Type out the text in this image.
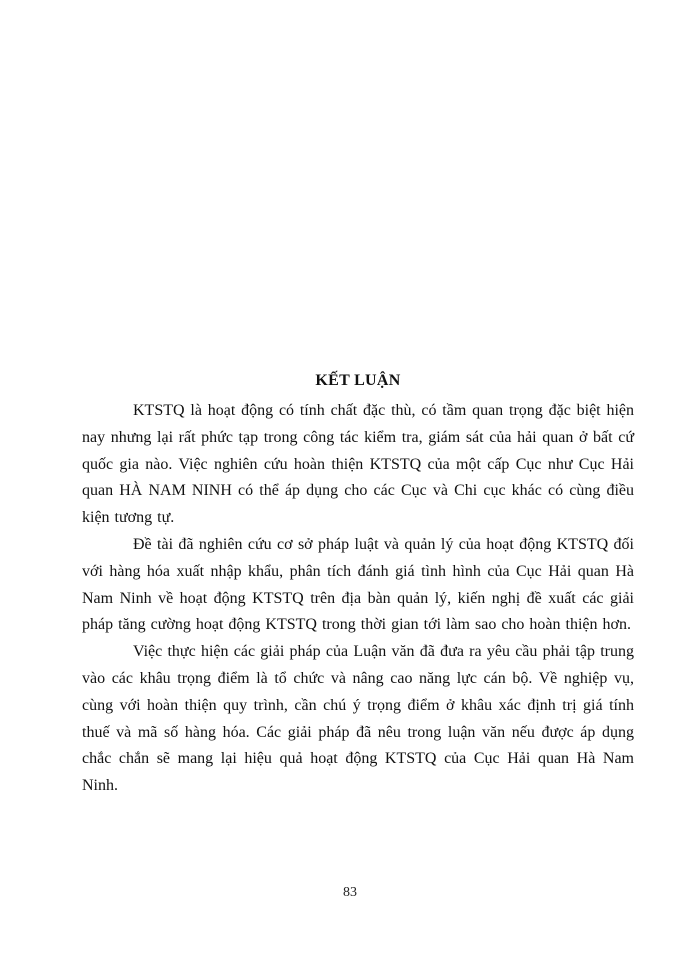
KẾT LUẬN

KTSTQ là hoạt động có tính chất đặc thù, có tầm quan trọng đặc biệt hiện nay nhưng lại rất phức tạp trong công tác kiểm tra, giám sát của hải quan ở bất cứ quốc gia nào. Việc nghiên cứu hoàn thiện KTSTQ của một cấp Cục như Cục Hải quan HÀ NAM NINH có thể áp dụng cho các Cục và Chi cục khác có cùng điều kiện tương tự.

Đề tài đã nghiên cứu cơ sở pháp luật và quản lý của hoạt động KTSTQ đối với hàng hóa xuất nhập khẩu, phân tích đánh giá tình hình của Cục Hải quan Hà Nam Ninh về hoạt động KTSTQ trên địa bàn quản lý, kiến nghị đề xuất các giải pháp tăng cường hoạt động KTSTQ trong thời gian tới làm sao cho hoàn thiện hơn.

Việc thực hiện các giải pháp của Luận văn đã đưa ra yêu cầu phải tập trung vào các khâu trọng điểm là tổ chức và nâng cao năng lực cán bộ. Về nghiệp vụ, cùng với hoàn thiện quy trình, cần chú ý trọng điểm ở khâu xác định trị giá tính thuế và mã số hàng hóa. Các giải pháp đã nêu trong luận văn nếu được áp dụng chắc chắn sẽ mang lại hiệu quả hoạt động KTSTQ của Cục Hải quan Hà Nam Ninh.

83
